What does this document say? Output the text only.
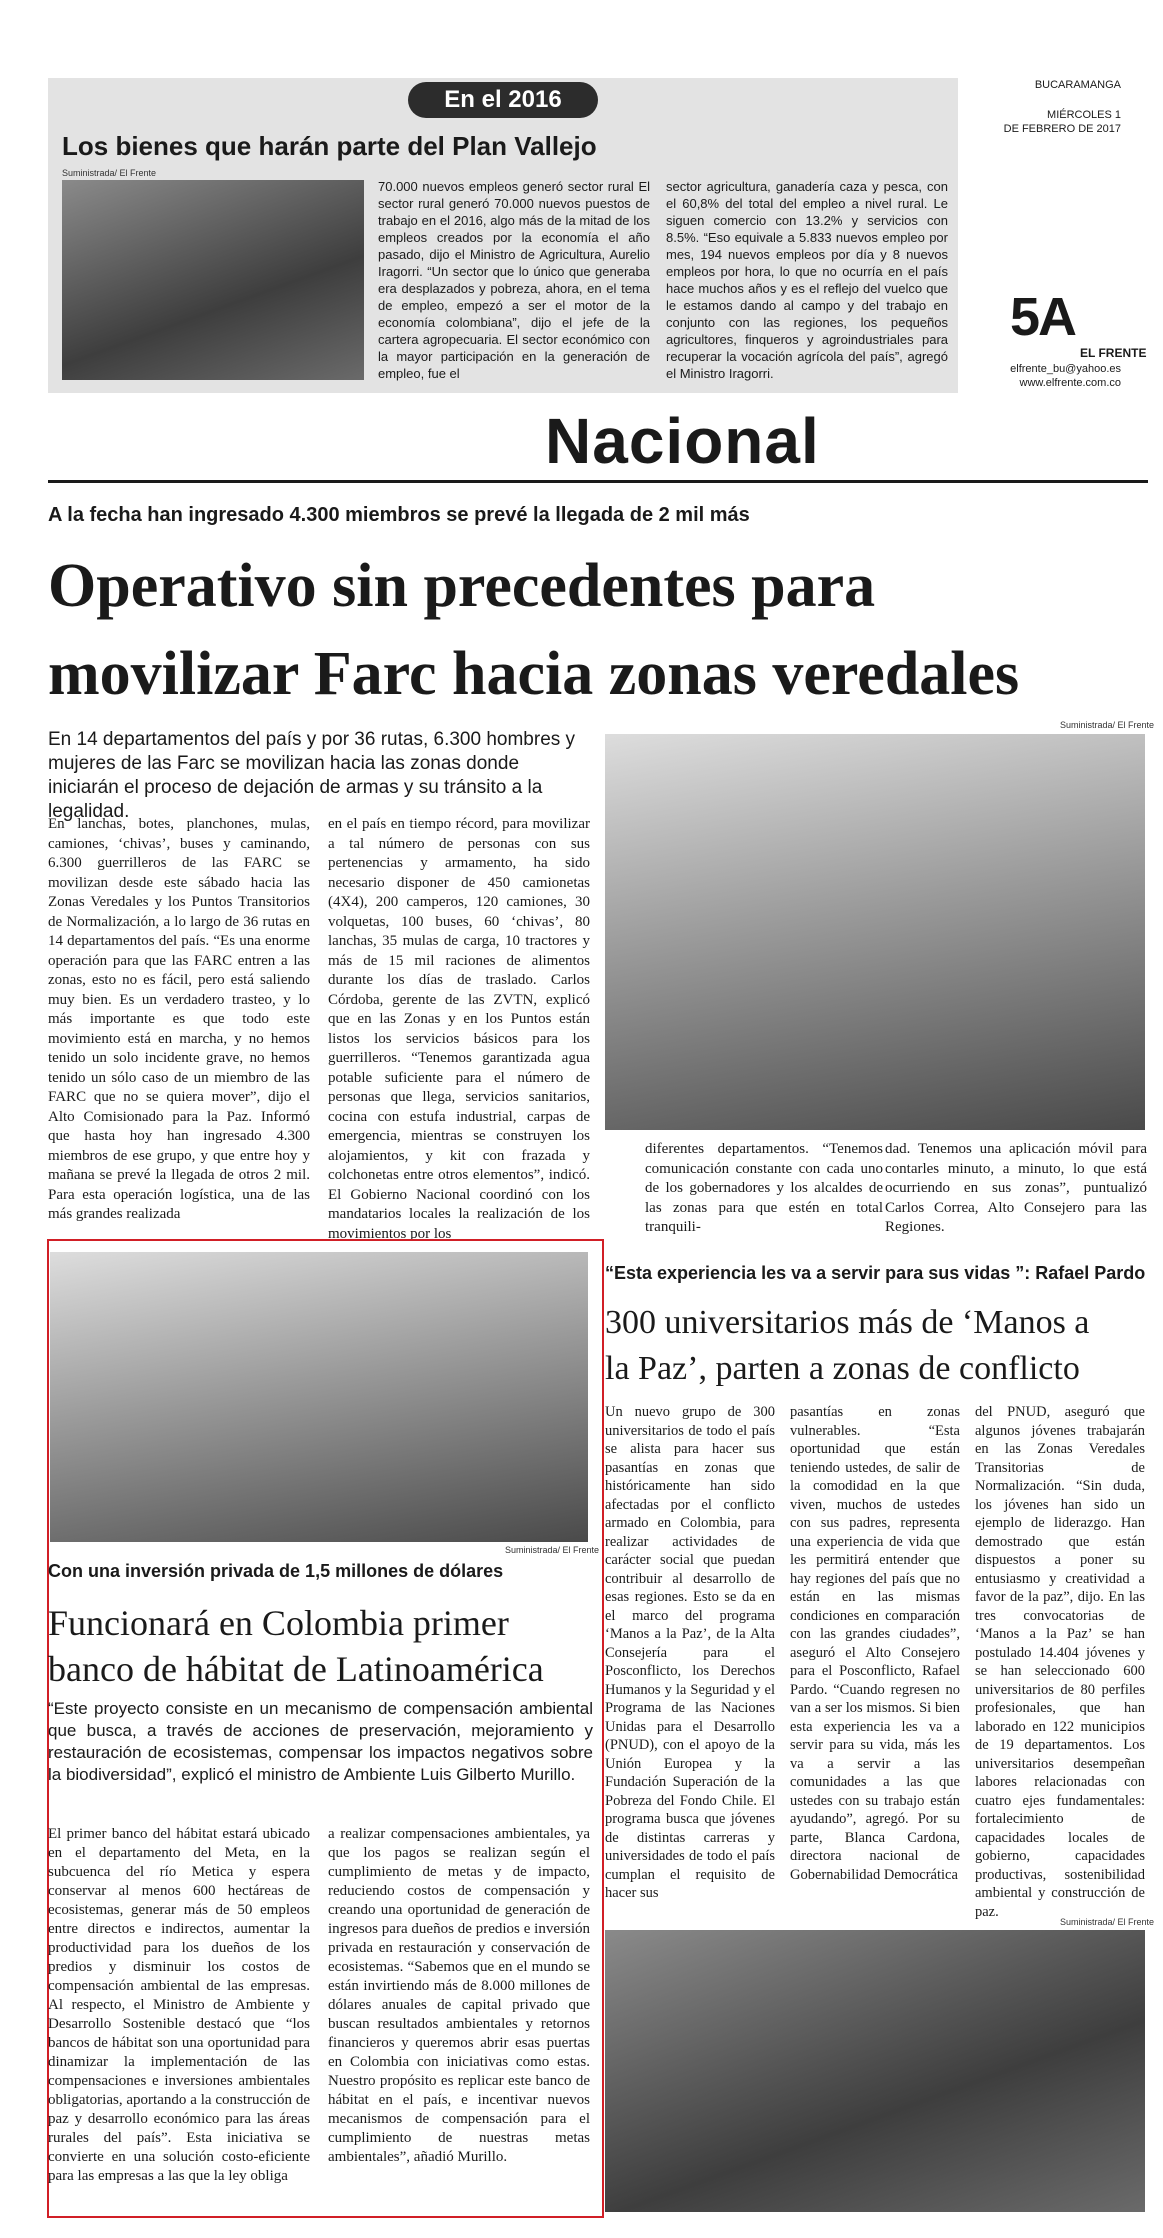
En el 2016
Los bienes que harán parte del Plan Vallejo
Suministrada/ El Frente
70.000 nuevos empleos generó sector rural El sector rural generó 70.000 nuevos puestos de trabajo en el 2016, algo más de la mitad de los empleos creados por la economía el año pasado, dijo el Ministro de Agricultura, Aurelio Iragorri. “Un sector que lo único que generaba era desplazados y pobreza, ahora, en el tema de empleo, empezó a ser el motor de la economía colombiana”, dijo el jefe de la cartera agropecuaria. El sector económico con la mayor participación en la generación de empleo, fue el
sector agricultura, ganadería caza y pesca, con el 60,8% del total del empleo a nivel rural. Le siguen comercio con 13.2% y servicios con 8.5%. “Eso equivale a 5.833 nuevos empleo por mes, 194 nuevos empleos por día y 8 nuevos empleos por hora, lo que no ocurría en el país hace muchos años y es el reflejo del vuelco que le estamos dando al campo y del trabajo en conjunto con las regiones, los pequeños agricultores, finqueros y agroindustriales para recuperar la vocación agrícola del país”, agregó el Ministro Iragorri.
BUCARAMANGA
MIÉRCOLES 1
DE FEBRERO DE 2017
5A
EL FRENTE
elfrente_bu@yahoo.es
www.elfrente.com.co
Nacional
A la fecha han ingresado 4.300 miembros se prevé la llegada de 2 mil más
Operativo sin precedentes para
movilizar Farc hacia zonas veredales
En 14 departamentos del país y por 36 rutas, 6.300 hombres y mujeres de las Farc se movilizan hacia las zonas donde iniciarán el proceso de dejación de armas y su tránsito a la legalidad.
Suministrada/ El Frente
En lanchas, botes, planchones, mulas, camiones, ‘chivas’, buses y caminando, 6.300 guerrilleros de las FARC se movilizan desde este sábado hacia las Zonas Veredales y los Puntos Transitorios de Normalización, a lo largo de 36 rutas en 14 departamentos del país. “Es una enorme operación para que las FARC entren a las zonas, esto no es fácil, pero está saliendo muy bien. Es un verdadero trasteo, y lo más importante es que todo este movimiento está en marcha, y no hemos tenido un solo incidente grave, no hemos tenido un sólo caso de un miembro de las FARC que no se quiera mover”, dijo el Alto Comisionado para la Paz. Informó que hasta hoy han ingresado 4.300 miembros de ese grupo, y que entre hoy y mañana se prevé la llegada de otros 2 mil. Para esta operación logística, una de las más grandes realizada
en el país en tiempo récord, para movilizar a tal número de personas con sus pertenencias y armamento, ha sido necesario disponer de 450 camionetas (4X4), 200 camperos, 120 camiones, 30 volquetas, 100 buses, 60 ‘chivas’, 80 lanchas, 35 mulas de carga, 10 tractores y más de 15 mil raciones de alimentos durante los días de traslado. Carlos Córdoba, gerente de las ZVTN, explicó que en las Zonas y en los Puntos están listos los servicios básicos para los guerrilleros. “Tenemos garantizada agua potable suficiente para el número de personas que llega, servicios sanitarios, cocina con estufa industrial, carpas de emergencia, mientras se construyen los alojamientos, y kit con frazada y colchonetas entre otros elementos”, indicó. El Gobierno Nacional coordinó con los mandatarios locales la realización de los movimientos por los
diferentes departamentos. “Tenemos comunicación constante con cada uno de los gobernadores y los alcaldes de las zonas para que estén en total tranquili-
dad. Tenemos una aplicación móvil para contarles minuto, a minuto, lo que está ocurriendo en sus zonas”, puntualizó Carlos Correa, Alto Consejero para las Regiones.
Suministrada/ El Frente
Con una inversión privada de 1,5 millones de dólares
Funcionará en Colombia primer
banco de hábitat de Latinoamérica
“Este proyecto consiste en un mecanismo de compensación ambiental que busca, a través de acciones de preservación, mejoramiento y restauración de ecosistemas, compensar los impactos negativos sobre la biodiversidad”, explicó el ministro de Ambiente Luis Gilberto Murillo.
El primer banco del hábitat estará ubicado en el departamento del Meta, en la subcuenca del río Metica y espera conservar al menos 600 hectáreas de ecosistemas, generar más de 50 empleos entre directos e indirectos, aumentar la productividad para los dueños de los predios y disminuir los costos de compensación ambiental de las empresas. Al respecto, el Ministro de Ambiente y Desarrollo Sostenible destacó que “los bancos de hábitat son una oportunidad para dinamizar la implementación de las compensaciones e inversiones ambientales obligatorias, aportando a la construcción de paz y desarrollo económico para las áreas rurales del país”. Esta iniciativa se convierte en una solución costo-eficiente para las empresas a las que la ley obliga
a realizar compensaciones ambientales, ya que los pagos se realizan según el cumplimiento de metas y de impacto, reduciendo costos de compensación y creando una oportunidad de generación de ingresos para dueños de predios e inversión privada en restauración y conservación de ecosistemas. “Sabemos que en el mundo se están invirtiendo más de 8.000 millones de dólares anuales de capital privado que buscan resultados ambientales y retornos financieros y queremos abrir esas puertas en Colombia con iniciativas como estas. Nuestro propósito es replicar este banco de hábitat en el país, e incentivar nuevos mecanismos de compensación para el cumplimiento de nuestras metas ambientales”, añadió Murillo.
“Esta experiencia les va a servir para sus vidas ”: Rafael Pardo
300 universitarios más de ‘Manos a
la Paz’, parten a zonas de conflicto
Un nuevo grupo de 300 universitarios de todo el país se alista para hacer sus pasantías en zonas que históricamente han sido afectadas por el conflicto armado en Colombia, para realizar actividades de carácter social que puedan contribuir al desarrollo de esas regiones. Esto se da en el marco del programa ‘Manos a la Paz’, de la Alta Consejería para el Posconflicto, los Derechos Humanos y la Seguridad y el Programa de las Naciones Unidas para el Desarrollo (PNUD), con el apoyo de la Unión Europea y la Fundación Superación de la Pobreza del Fondo Chile. El programa busca que jóvenes de distintas carreras y universidades de todo el país cumplan el requisito de hacer sus
pasantías en zonas vulnerables. “Esta oportunidad que están teniendo ustedes, de salir de la comodidad en la que viven, muchos de ustedes con sus padres, representa una experiencia de vida que les permitirá entender que hay regiones del país que no están en las mismas condiciones en comparación con las grandes ciudades”, aseguró el Alto Consejero para el Posconflicto, Rafael Pardo. “Cuando regresen no van a ser los mismos. Si bien esta experiencia les va a servir para su vida, más les va a servir a las comunidades a las que ustedes con su trabajo están ayudando”, agregó. Por su parte, Blanca Cardona, directora nacional de Gobernabilidad Democrática
del PNUD, aseguró que algunos jóvenes trabajarán en las Zonas Veredales Transitorias de Normalización. “Sin duda, los jóvenes han sido un ejemplo de liderazgo. Han demostrado que están dispuestos a poner su entusiasmo y creatividad a favor de la paz”, dijo. En las tres convocatorias de ‘Manos a la Paz’ se han postulado 14.404 jóvenes y se han seleccionado 600 universitarios de 80 perfiles profesionales, que han laborado en 122 municipios de 19 departamentos. Los universitarios desempeñan labores relacionadas con cuatro ejes fundamentales: fortalecimiento de capacidades locales de gobierno, capacidades productivas, sostenibilidad ambiental y construcción de paz.
Suministrada/ El Frente
